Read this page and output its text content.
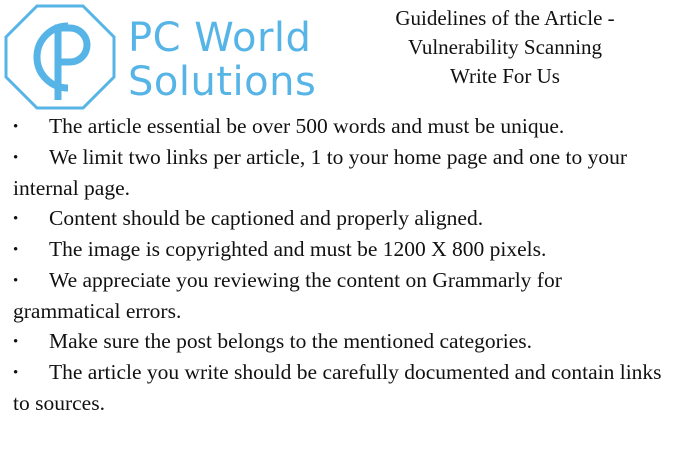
PC World
Solutions
Guidelines of the Article -
Vulnerability Scanning
Write For Us
• The article essential be over 500 words and must be unique.
• We limit two links per article, 1 to your home page and one to your internal page.
• Content should be captioned and properly aligned.
• The image is copyrighted and must be 1200 X 800 pixels.
• We appreciate you reviewing the content on Grammarly for grammatical errors.
• Make sure the post belongs to the mentioned categories.
• The article you write should be carefully documented and contain links to sources.
